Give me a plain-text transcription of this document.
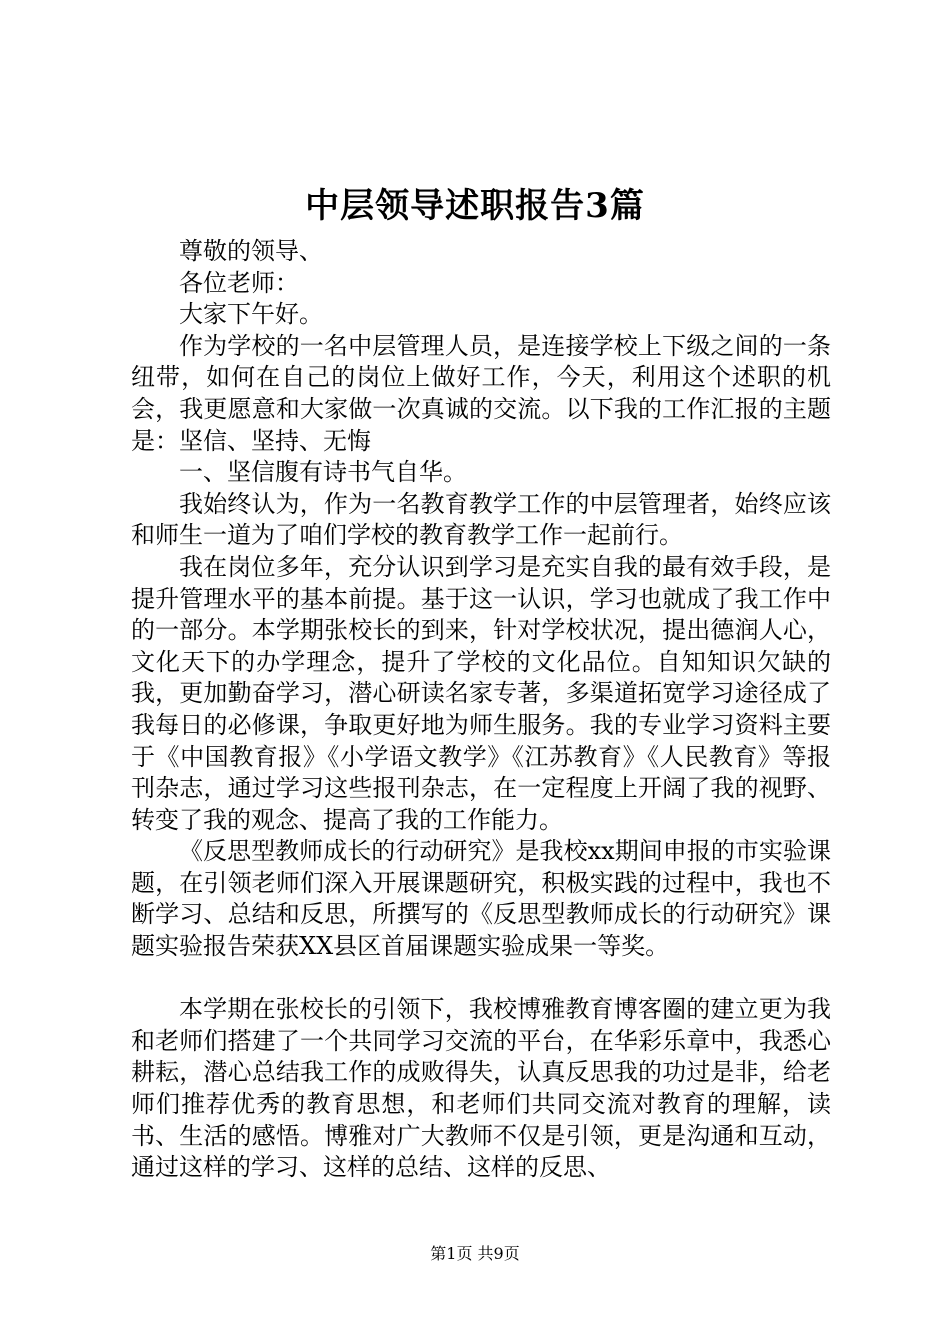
中层领导述职报告3篇

尊敬的领导、

各位老师：

大家下午好。

作为学校的一名中层管理人员，是连接学校上下级之间的一条纽带，如何在自己的岗位上做好工作，今天，利用这个述职的机会，我更愿意和大家做一次真诚的交流。以下我的工作汇报的主题是：坚信、坚持、无悔

一、坚信腹有诗书气自华。

我始终认为，作为一名教育教学工作的中层管理者，始终应该和师生一道为了咱们学校的教育教学工作一起前行。

我在岗位多年，充分认识到学习是充实自我的最有效手段，是提升管理水平的基本前提。基于这一认识，学习也就成了我工作中的一部分。本学期张校长的到来，针对学校状况，提出德润人心，文化天下的办学理念，提升了学校的文化品位。自知知识欠缺的我，更加勤奋学习，潜心研读名家专著，多渠道拓宽学习途径成了我每日的必修课，争取更好地为师生服务。我的专业学习资料主要于《中国教育报》《小学语文教学》《江苏教育》《人民教育》等报刊杂志，通过学习这些报刊杂志，在一定程度上开阔了我的视野、转变了我的观念、提高了我的工作能力。

《反思型教师成长的行动研究》是我校xx期间申报的市实验课题，在引领老师们深入开展课题研究，积极实践的过程中，我也不断学习、总结和反思，所撰写的《反思型教师成长的行动研究》课题实验报告荣获XX县区首届课题实验成果一等奖。

本学期在张校长的引领下，我校博雅教育博客圈的建立更为我和老师们搭建了一个共同学习交流的平台，在华彩乐章中，我悉心耕耘，潜心总结我工作的成败得失，认真反思我的功过是非，给老师们推荐优秀的教育思想，和老师们共同交流对教育的理解，读书、生活的感悟。博雅对广大教师不仅是引领，更是沟通和互动，通过这样的学习、这样的总结、这样的反思、

第1页 共9页
